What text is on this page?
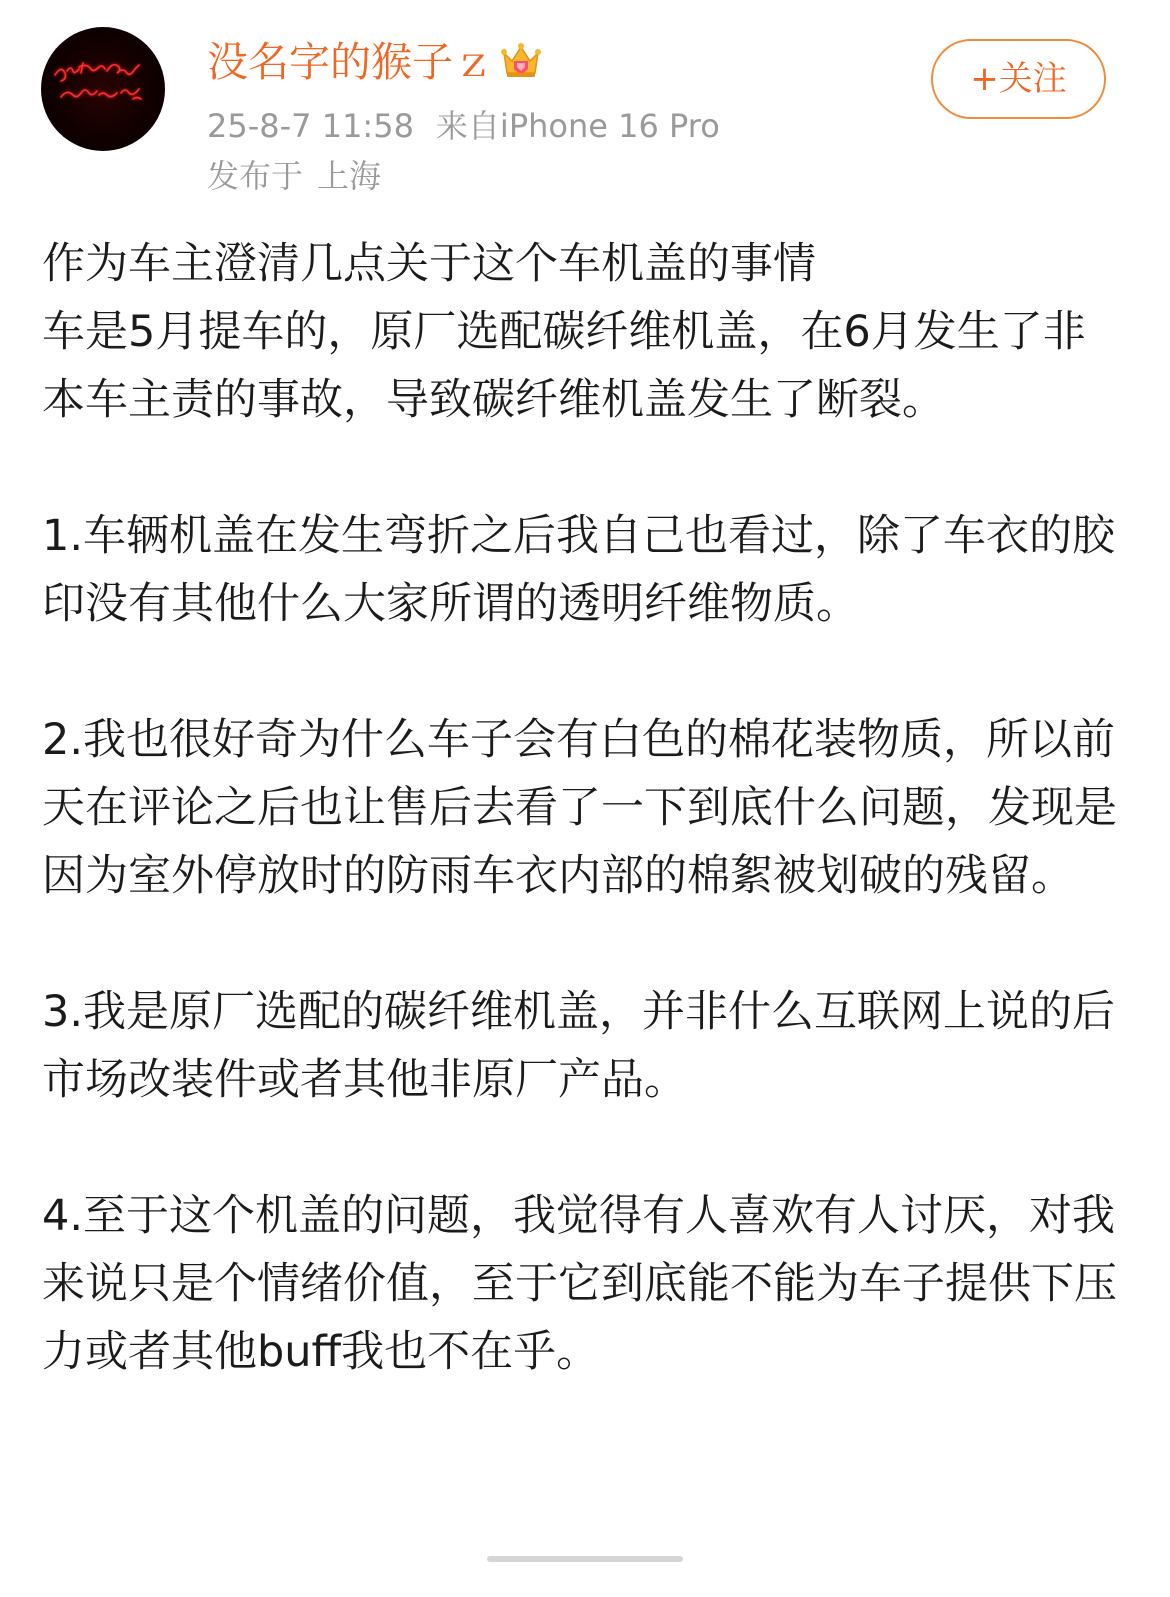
没名字的猴子ｚ
25-8-7 11:58 来自iPhone 16 Pro
发布于 上海
+关注

作为车主澄清几点关于这个车机盖的事情

车是5月提车的，原厂选配碳纤维机盖，在6月发生了非本车主责的事故，导致碳纤维机盖发生了断裂。

1.车辆机盖在发生弯折之后我自己也看过，除了车衣的胶印没有其他什么大家所谓的透明纤维物质。

2.我也很好奇为什么车子会有白色的棉花装物质，所以前天在评论之后也让售后去看了一下到底什么问题，发现是因为室外停放时的防雨车衣内部的棉絮被划破的残留。

3.我是原厂选配的碳纤维机盖，并非什么互联网上说的后市场改装件或者其他非原厂产品。

4.至于这个机盖的问题，我觉得有人喜欢有人讨厌，对我来说只是个情绪价值，至于它到底能不能为车子提供下压力或者其他buff我也不在乎。
